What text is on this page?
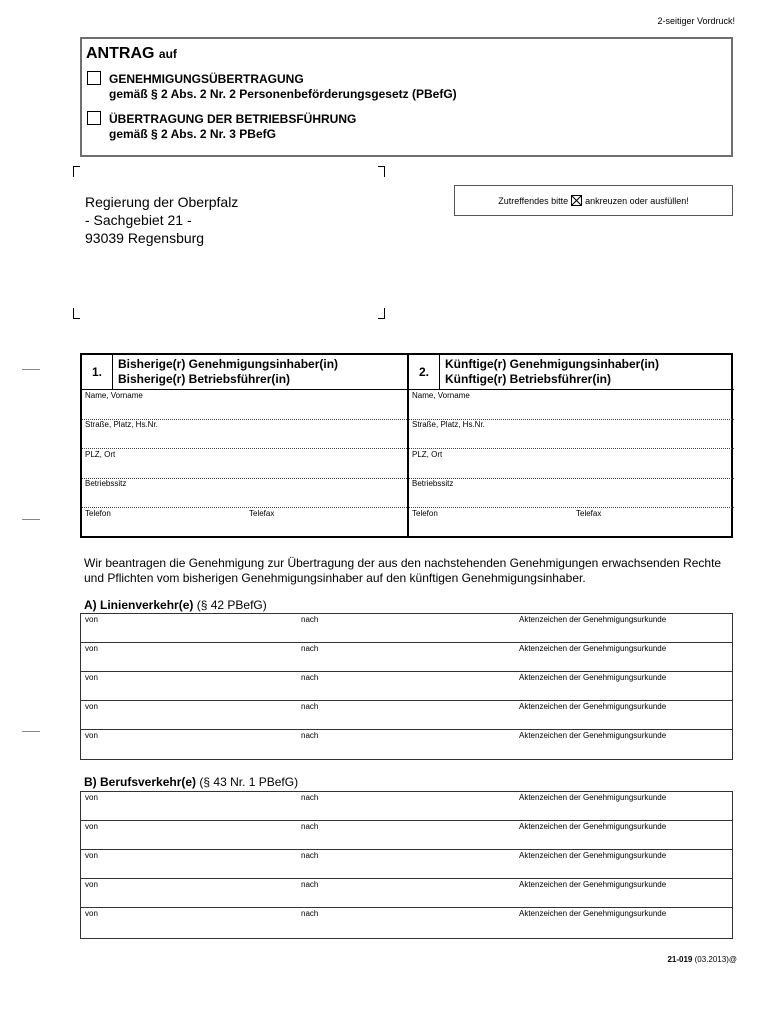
2-seitiger Vordruck!
ANTRAG auf
GENEHMIGUNGSÜBERTRAGUNG
gemäß § 2 Abs. 2 Nr. 2 Personenbeförderungsgesetz (PBefG)
ÜBERTRAGUNG DER BETRIEBSFÜHRUNG
gemäß § 2 Abs. 2 Nr. 3 PBefG
Regierung der Oberpfalz
- Sachgebiet 21 -
93039 Regensburg
Zutreffendes bitte ankreuzen oder ausfüllen!
1.
Bisherige(r) Genehmigungsinhaber(in)
Bisherige(r) Betriebsführer(in)
Name, Vorname
Straße, Platz, Hs.Nr.
PLZ, Ort
Betriebssitz
Telefon	Telefax
2.
Künftige(r) Genehmigungsinhaber(in)
Künftige(r) Betriebsführer(in)
Name, Vorname
Straße, Platz, Hs.Nr.
PLZ, Ort
Betriebssitz
Telefon	Telefax
Wir beantragen die Genehmigung zur Übertragung der aus den nachstehenden Genehmigungen erwachsenden Rechte und Pflichten vom bisherigen Genehmigungsinhaber auf den künftigen Genehmigungsinhaber.
A) Linienverkehr(e) (§ 42 PBefG)
von	nach	Aktenzeichen der Genehmigungsurkunde
von	nach	Aktenzeichen der Genehmigungsurkunde
von	nach	Aktenzeichen der Genehmigungsurkunde
von	nach	Aktenzeichen der Genehmigungsurkunde
von	nach	Aktenzeichen der Genehmigungsurkunde
B) Berufsverkehr(e) (§ 43 Nr. 1 PBefG)
von	nach	Aktenzeichen der Genehmigungsurkunde
von	nach	Aktenzeichen der Genehmigungsurkunde
von	nach	Aktenzeichen der Genehmigungsurkunde
von	nach	Aktenzeichen der Genehmigungsurkunde
von	nach	Aktenzeichen der Genehmigungsurkunde
21-019 (03.2013)@
